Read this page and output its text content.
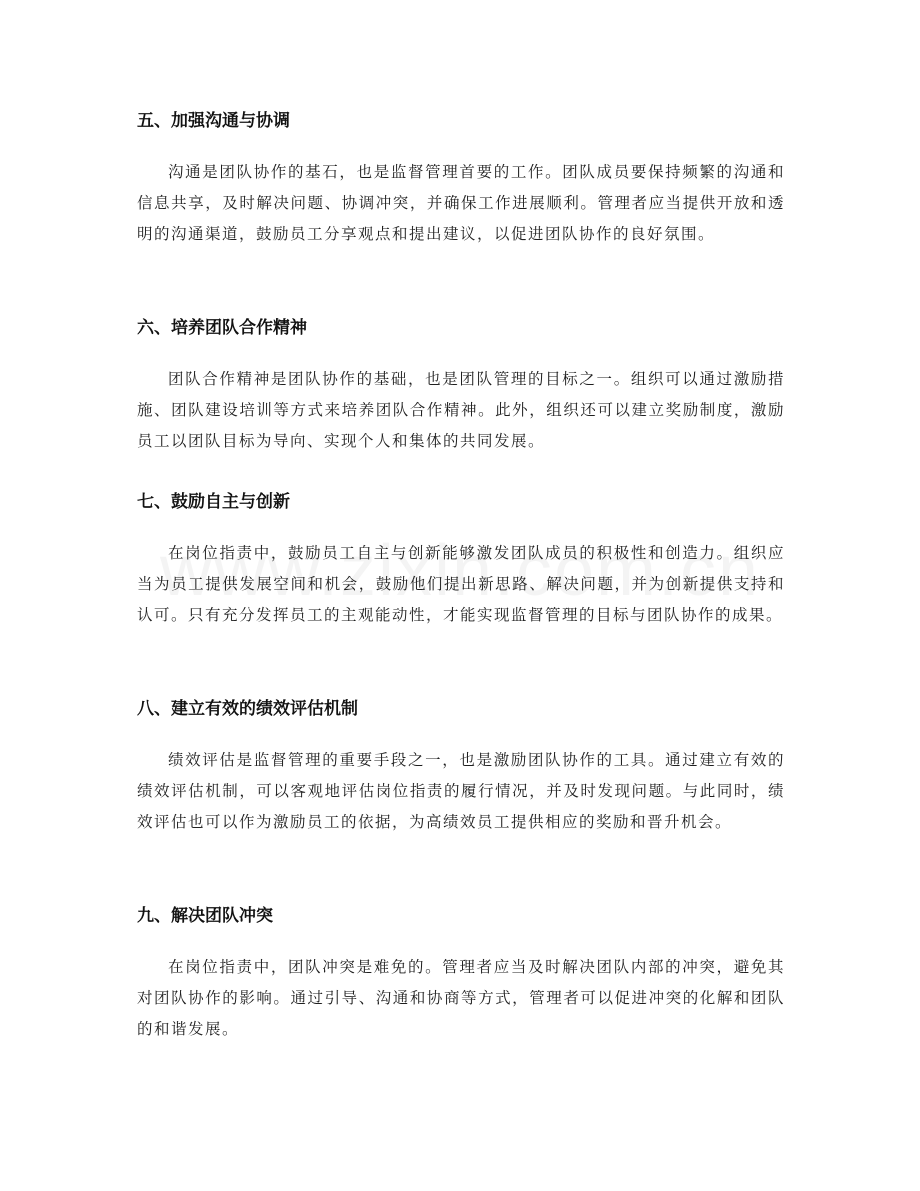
五、加强沟通与协调

沟通是团队协作的基石，也是监督管理首要的工作。团队成员要保持频繁的沟通和信息共享，及时解决问题、协调冲突，并确保工作进展顺利。管理者应当提供开放和透明的沟通渠道，鼓励员工分享观点和提出建议，以促进团队协作的良好氛围。

六、培养团队合作精神

团队合作精神是团队协作的基础，也是团队管理的目标之一。组织可以通过激励措施、团队建设培训等方式来培养团队合作精神。此外，组织还可以建立奖励制度，激励员工以团队目标为导向、实现个人和集体的共同发展。

七、鼓励自主与创新

在岗位指责中，鼓励员工自主与创新能够激发团队成员的积极性和创造力。组织应当为员工提供发展空间和机会，鼓励他们提出新思路、解决问题，并为创新提供支持和认可。只有充分发挥员工的主观能动性，才能实现监督管理的目标与团队协作的成果。

八、建立有效的绩效评估机制

绩效评估是监督管理的重要手段之一，也是激励团队协作的工具。通过建立有效的绩效评估机制，可以客观地评估岗位指责的履行情况，并及时发现问题。与此同时，绩效评估也可以作为激励员工的依据，为高绩效员工提供相应的奖励和晋升机会。

九、解决团队冲突

在岗位指责中，团队冲突是难免的。管理者应当及时解决团队内部的冲突，避免其对团队协作的影响。通过引导、沟通和协商等方式，管理者可以促进冲突的化解和团队的和谐发展。
